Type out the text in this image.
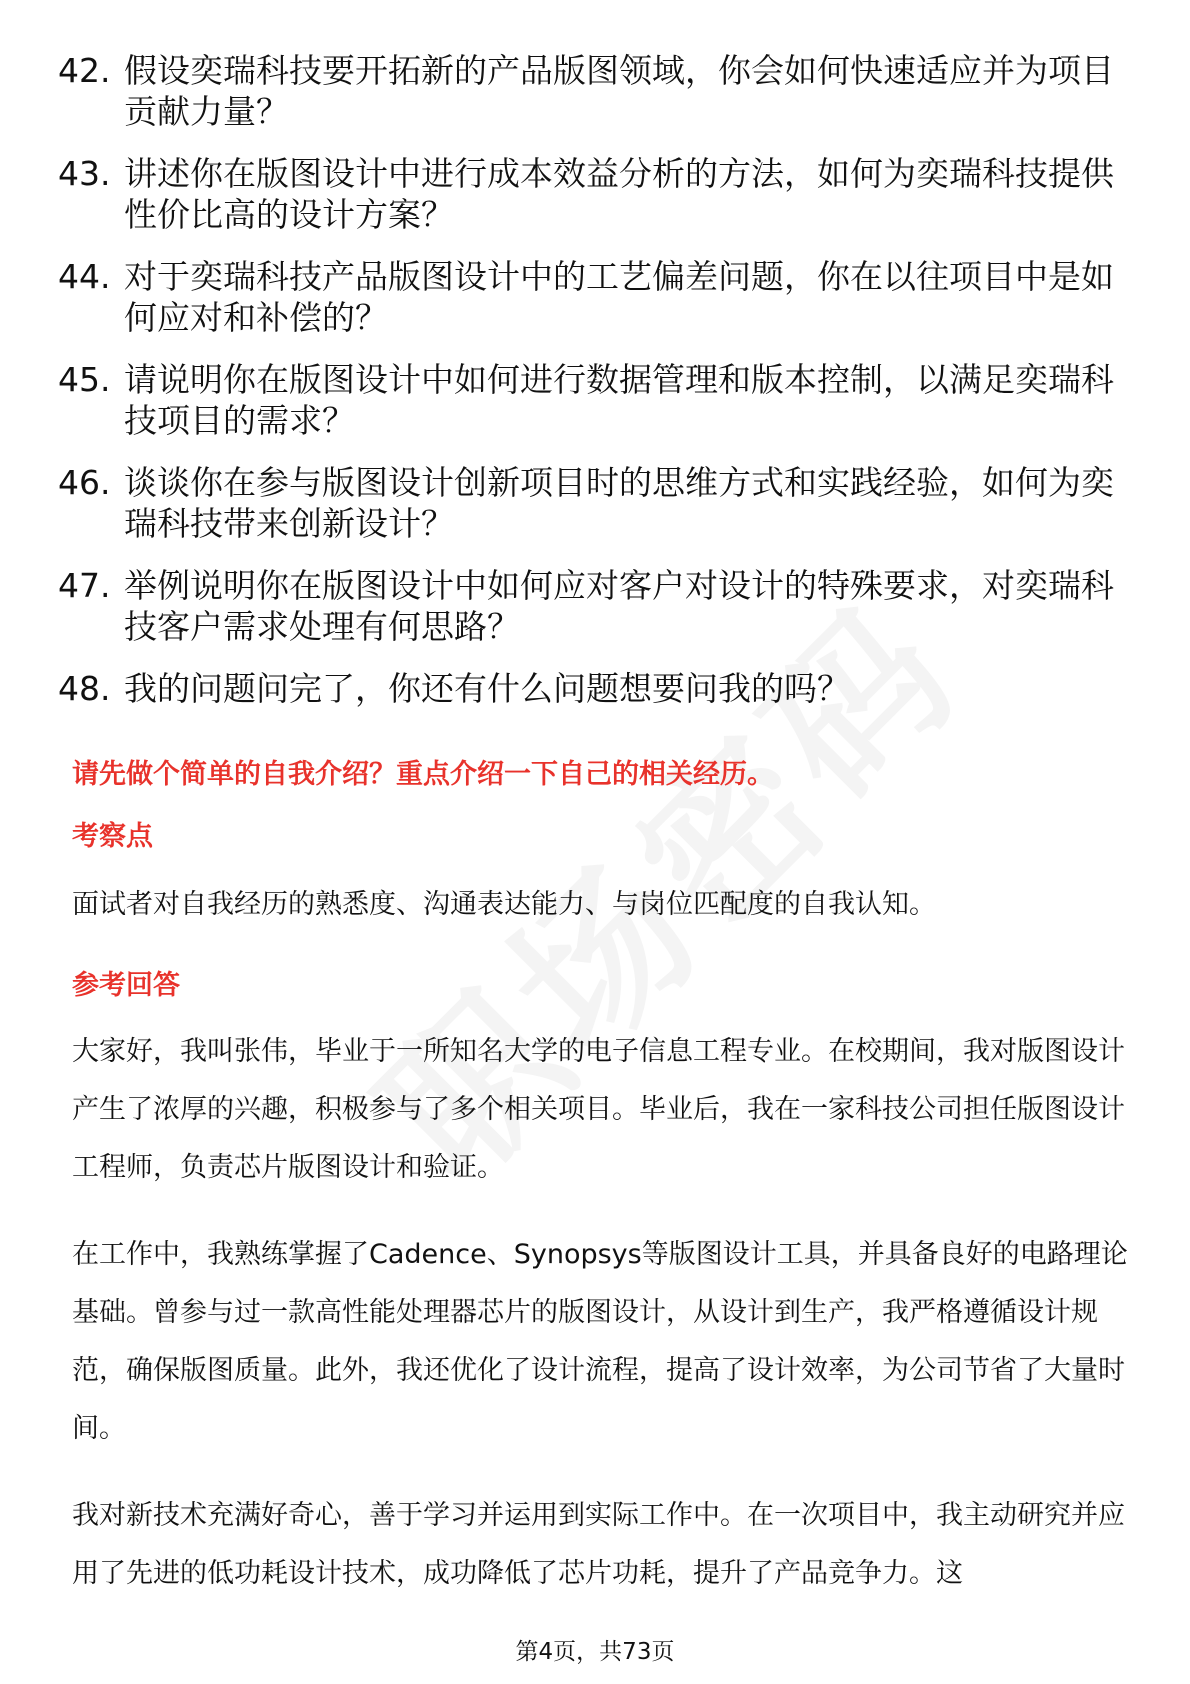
42. 假设奕瑞科技要开拓新的产品版图领域，你会如何快速适应并为项目贡献力量？
43. 讲述你在版图设计中进行成本效益分析的方法，如何为奕瑞科技提供性价比高的设计方案？
44. 对于奕瑞科技产品版图设计中的工艺偏差问题，你在以往项目中是如何应对和补偿的？
45. 请说明你在版图设计中如何进行数据管理和版本控制，以满足奕瑞科技项目的需求？
46. 谈谈你在参与版图设计创新项目时的思维方式和实践经验，如何为奕瑞科技带来创新设计？
47. 举例说明你在版图设计中如何应对客户对设计的特殊要求，对奕瑞科技客户需求处理有何思路？
48. 我的问题问完了，你还有什么问题想要问我的吗？
请先做个简单的自我介绍？重点介绍一下自己的相关经历。
考察点

面试者对自我经历的熟悉度、沟通表达能力、与岗位匹配度的自我认知。

参考回答

大家好，我叫张伟，毕业于一所知名大学的电子信息工程专业。在校期间，我对版图设计产生了浓厚的兴趣，积极参与了多个相关项目。毕业后，我在一家科技公司担任版图设计工程师，负责芯片版图设计和验证。

在工作中，我熟练掌握了Cadence、Synopsys等版图设计工具，并具备良好的电路理论基础。曾参与过一款高性能处理器芯片的版图设计，从设计到生产，我严格遵循设计规范，确保版图质量。此外，我还优化了设计流程，提高了设计效率，为公司节省了大量时间。

我对新技术充满好奇心，善于学习并运用到实际工作中。在一次项目中，我主动研究并应用了先进的低功耗设计技术，成功降低了芯片功耗，提升了产品竞争力。这

第4页，共73页
